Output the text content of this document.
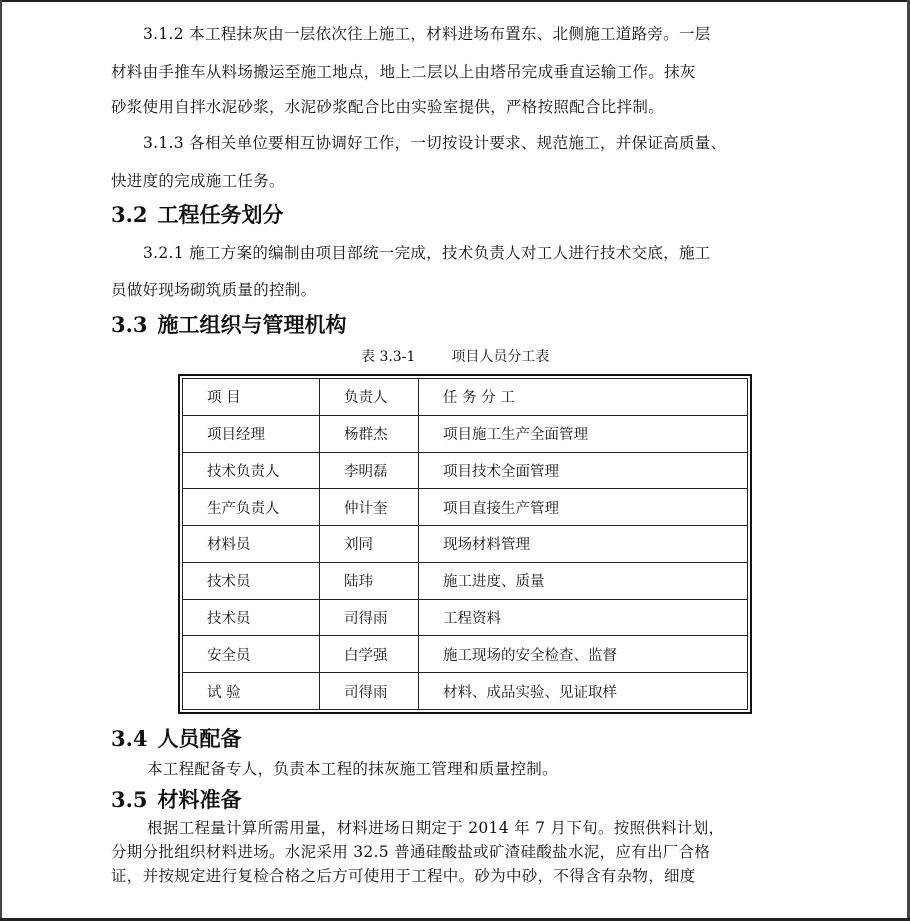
3.1.2 本工程抹灰由一层依次往上施工，材料进场布置东、北侧施工道路旁。一层
材料由手推车从料场搬运至施工地点，地上二层以上由塔吊完成垂直运输工作。抹灰
砂浆使用自拌水泥砂浆，水泥砂浆配合比由实验室提供，严格按照配合比拌制。
3.1.3 各相关单位要相互协调好工作，一切按设计要求、规范施工，并保证高质量、
快进度的完成施工任务。
3.2 工程任务划分
3.2.1 施工方案的编制由项目部统一完成，技术负责人对工人进行技术交底，施工
员做好现场砌筑质量的控制。
3.3 施工组织与管理机构
表 3.3-1	项目人员分工表
项 目	负责人	任 务 分 工
项目经理	杨群杰	项目施工生产全面管理
技术负责人	李明磊	项目技术全面管理
生产负责人	仲计奎	项目直接生产管理
材料员	刘同	现场材料管理
技术员	陆玮	施工进度、质量
技术员	司得雨	工程资料
安全员	白学强	施工现场的安全检查、监督
试 验	司得雨	材料、成品实验、见证取样
3.4 人员配备
本工程配备专人，负责本工程的抹灰施工管理和质量控制。
3.5 材料准备
根据工程量计算所需用量，材料进场日期定于 2014 年 7 月下旬。按照供料计划，
分期分批组织材料进场。水泥采用 32.5 普通硅酸盐或矿渣硅酸盐水泥，应有出厂合格
证，并按规定进行复检合格之后方可使用于工程中。砂为中砂，不得含有杂物，细度
